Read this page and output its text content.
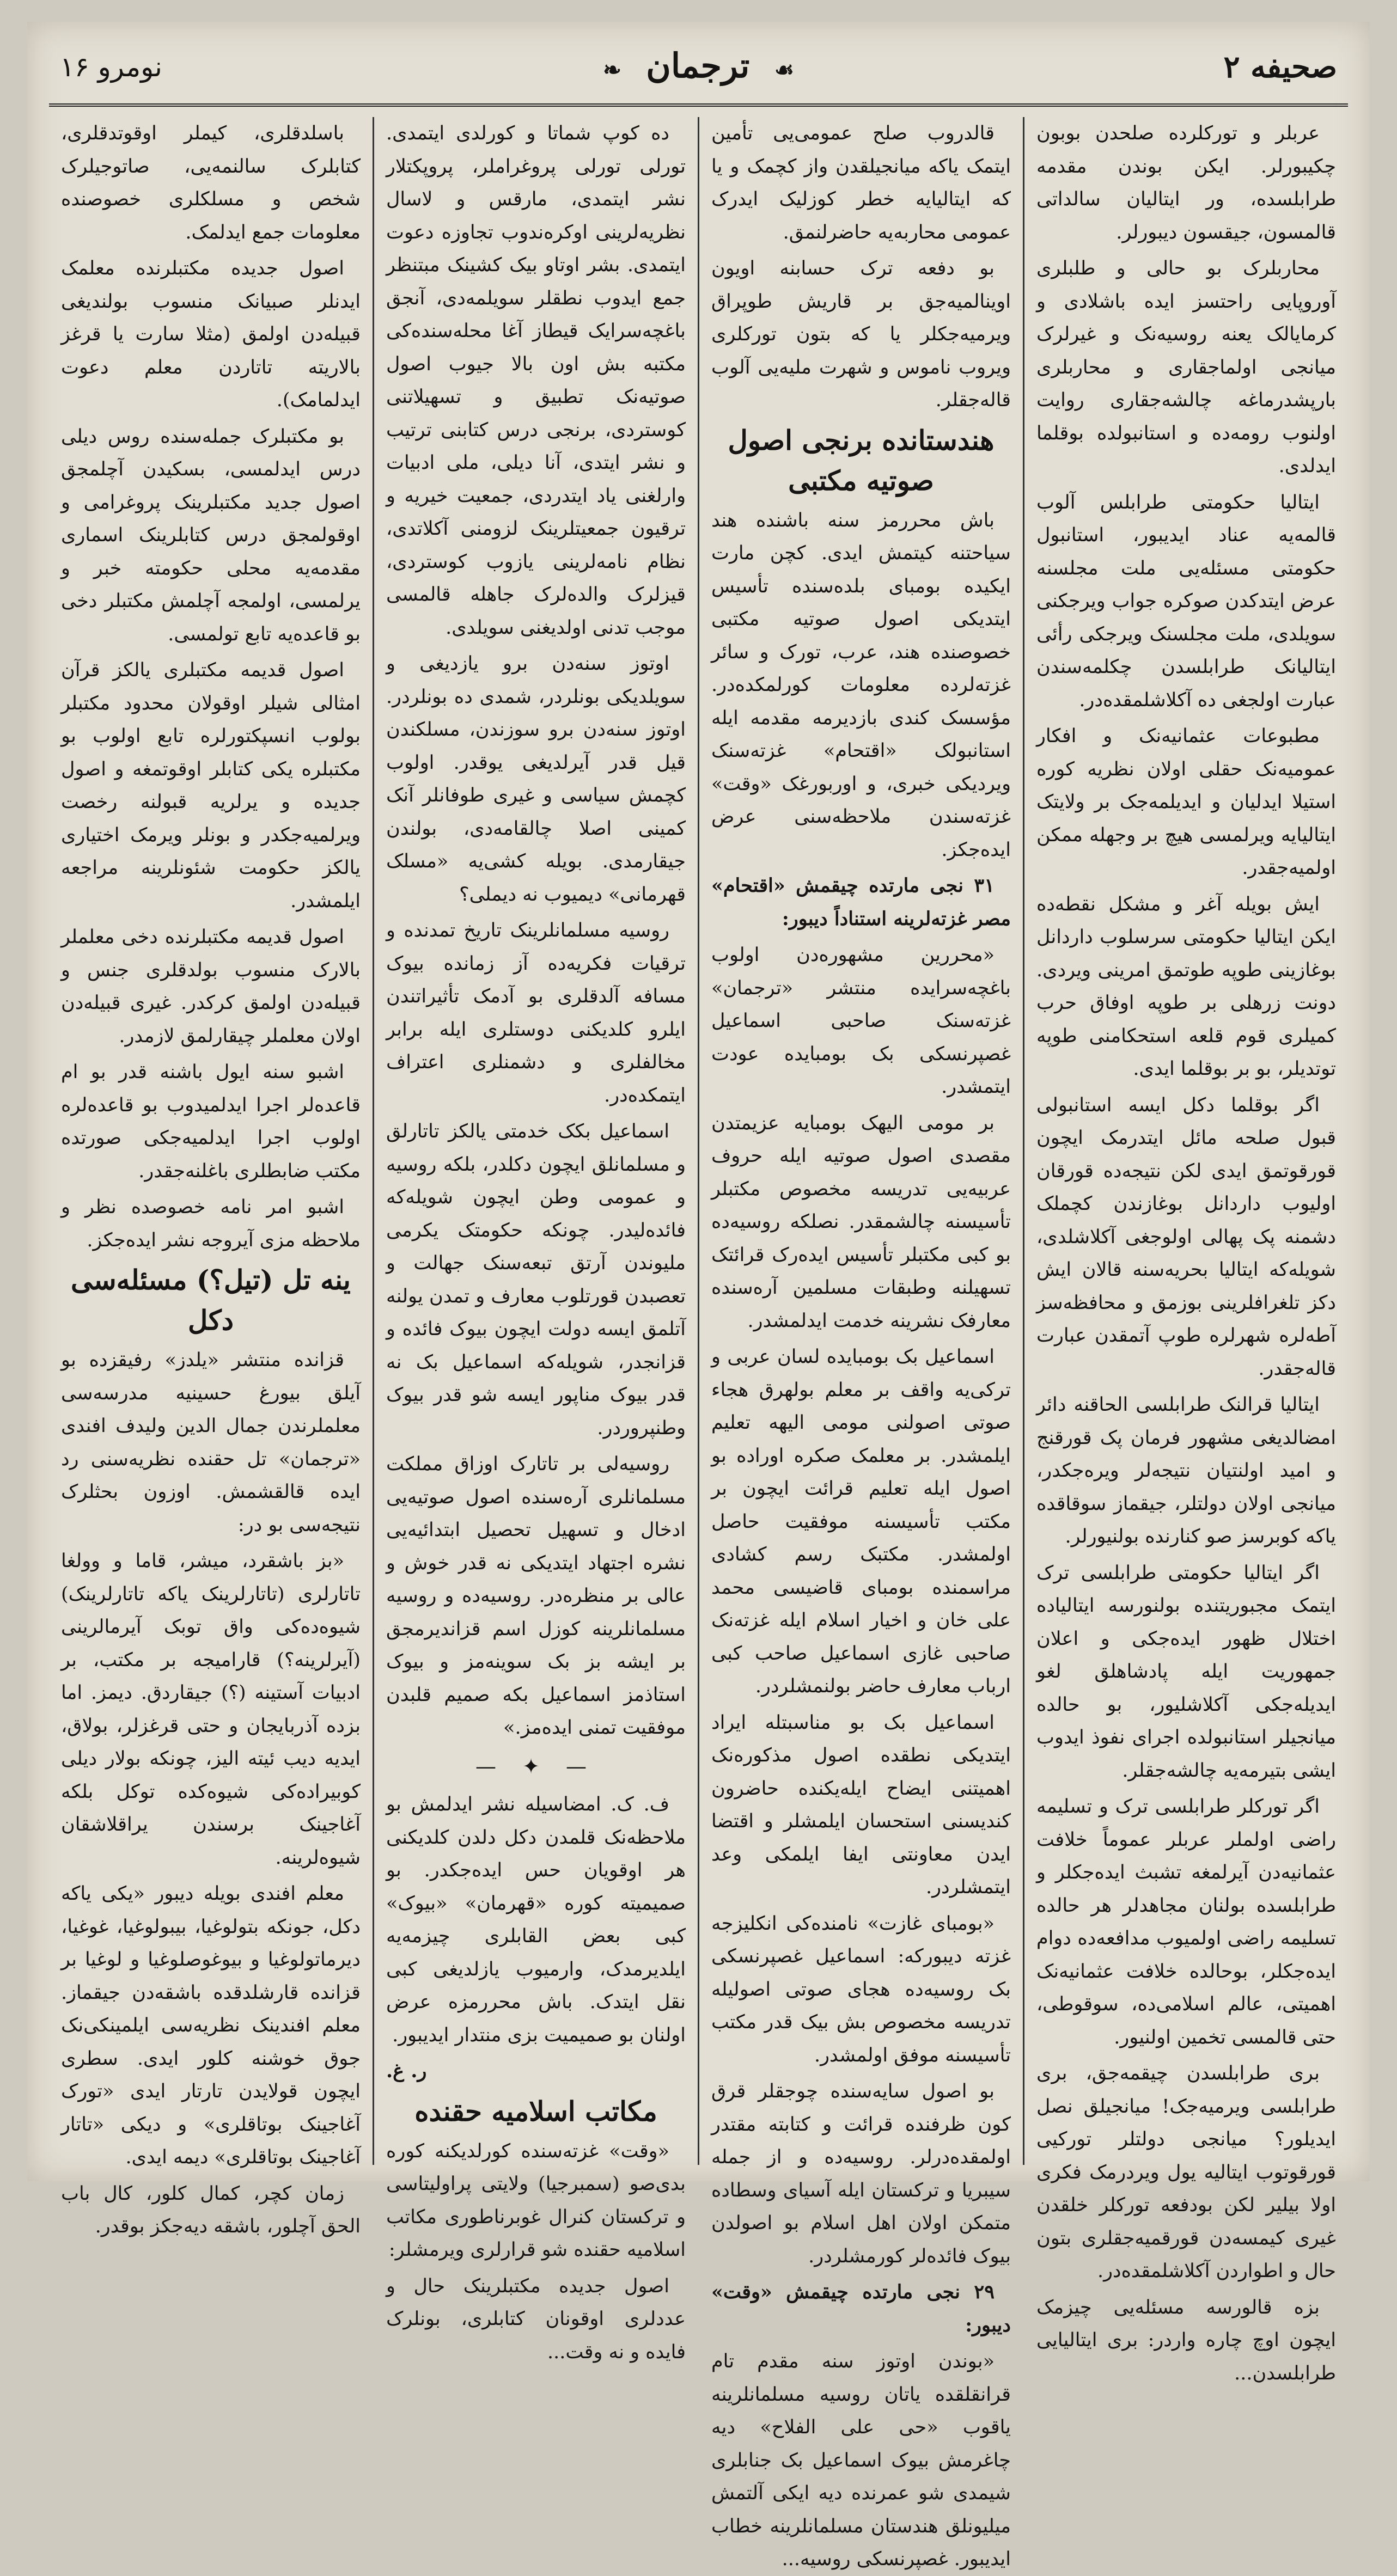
صحیفه ۲
☙ ترجمان ❧
نومرو ۱۶

عربلر و تورکلرده صلحدن بوبون چکیبورلر. ایکن بوندن مقدمه طرابلسده، ور ایتالیان سالداتی قالمسون، جیقسون دیبورلر.

محاربلرک بو حالی و طلبلری آوروپایی راحتسز ایده باشلادی و کرمایالک یعنه روسیه‌نک و غیرلرک میانجی اولماجقاری و محاربلری بارپشدرماغه چالشه‌جقاری روایت اولنوب رومه‌ده و استانبولده بوقلما ایدلدی.

ایتالیا حکومتی طرابلس آلوب قالمه‌یه عناد ایدیبور، استانبول حکومتی مسئله‌یی ملت مجلسنه عرض ایتدکدن صوکره جواب ویرجکنی سویلدی، ملت مجلسنک ویرجکی رأئی ایتالیانک طرابلسدن چکلمه‌سندن عبارت اولجغی ده آکلاشلمقده‌در.

مطبوعات عثمانیه‌نک و افکار عمومیه‌نک حقلی اولان نظریه کوره استیلا ایدلیان و ایدیلمه‌جک بر ولایتک ایتالیایه ویرلمسی هیچ بر وجهله ممکن اولمیه‌جقدر.

ایش بویله آغر و مشکل نقطه‌ده ایکن ایتالیا حکومتی سرسلوب داردانل بوغازینی طوپه طوتمق امرینی ویردی. دونت زرهلی بر طوپه اوفاق حرب کمیلری قوم قلعه استحکامنی طوپه توتدیلر، بو بر بوقلما ایدی.

اگر بوقلما دکل ایسه استانبولی قبول صلحه مائل ایتدرمک ایچون قورقوتمق ایدی لکن نتیجه‌ده قورقان اولیوب داردانل بوغازندن کچملک دشمنه پک پهالی اولوجغی آکلاشلدی، شویله‌که ایتالیا بحریه‌سنه قالان ایش دکز تلغرافلرینی بوزمق و محافظه‌سز آطه‌لره شهرلره طوپ آتمقدن عبارت قاله‌جقدر.

ایتالیا قرالنک طرابلسی الحاقنه دائر امضالدیغی مشهور فرمان پک قورقنج و امید اولنتیان نتیجه‌لر ویره‌جکدر، میانجی اولان دولتلر، جیقماز سوقاقده یاکه کوبرسز صو کنارنده بولنیورلر.

اگر ایتالیا حکومتی طرابلسی ترک ایتمک مجبوریتنده بولنورسه ایتالیاده اختلال ظهور ایده‌جکی و اعلان جمهوریت ایله پادشاهلق لغو ایدیله‌جکی آکلاشلیور، بو حالده میانجیلر استانبولده اجرای نفوذ ایدوب ایشی بتیرمه‌یه چالشه‌جقلر.

اگر تورکلر طرابلسی ترک و تسلیمه راضی اولملر عربلر عموماً خلافت عثمانیه‌دن آیرلمغه تشبث ایده‌جکلر و طرابلسده بولنان مجاهدلر هر حالده تسلیمه راضی اولمیوب مدافعه‌ده دوام ایده‌جکلر، بوحالده خلافت عثمانیه‌نک اهمیتی، عالم اسلامی‌ده، سوقوطی، حتی قالمسی تخمین اولنیور.

بری طرابلسدن چیقمه‌جق، بری طرابلسی ویرمیه‌جک! میانجیلق نصل ایدیلور؟ میانجی دولتلر تورکیی قورقوتوب ایتالیه یول ویردرمک فکری اولا بیلیر لکن بودفعه تورکلر خلقدن غیری کیمسه‌دن قورقمیه‌جقلری بتون حال و اطواردن آکلاشلمقده‌در.

بزه قالورسه مسئله‌یی چیزمک ایچون اوچ چاره واردر: بری ایتالیایی طرابلسدن...

قالدروب صلح عمومی‌یی تأمین ایتمک یاکه میانجیلقدن واز کچمک و یا که ایتالیایه خطر کوزلیک ایدرک عمومی محاربه‌یه حاضرلنمق.

بو دفعه ترک حسابنه اویون اوینالمیه‌جق بر قاریش طوپراق ویرمیه‌جکلر یا که بتون تورکلری ویروب ناموس و شهرت ملیه‌یی آلوب قاله‌جقلر.

هندستانده برنجی اصول صوتیه مکتبی

باش محررمز سنه باشنده هند سیاحتنه کیتمش ایدی. کچن مارت ایکیده بومبای بلده‌سنده تأسیس ایتدیکی اصول صوتیه مکتبی خصوصنده هند، عرب، تورک و سائر غزته‌لرده معلومات کورلمکده‌در. مؤسسک کندی بازدیرمه مقدمه ایله استانبولک «اقتحام» غزته‌سنک ویردیکی خبری، و اوربورغک «وقت» غزته‌سندن ملاحظه‌سنی عرض ایده‌جکز.

۳۱ نجی مارتده چیقمش «اقتحام» مصر غزته‌لرینه استناداً دیبور:

«محررین مشهوره‌دن اولوب باغچه‌سرایده منتشر «ترجمان» غزته‌سنک صاحبی اسماعیل غصپرنسکی بک بومبایده عودت ایتمشدر.

بر مومی الیهک بومبایه عزیمتدن مقصدی اصول صوتیه ایله حروف عربیه‌یی تدریسه مخصوص مکتبلر تأسیسنه چالشمقدر. نصلکه روسیه‌ده بو کبی مکتبلر تأسیس ایده‌رک قرائتک تسهیلنه وطبقات مسلمین آره‌سنده معارفک نشرینه خدمت ایدلمشدر.

اسماعیل بک بومبایده لسان عربی و ترکی‌یه واقف بر معلم بولهرق هجاء صوتی اصولنی مومی الیهه تعلیم ایلمشدر. بر معلمک صکره اوراده بو اصول ایله تعلیم قرائت ایچون بر مکتب تأسیسنه موفقیت حاصل اولمشدر. مکتبک رسم کشادی مراسمنده بومبای قاضیسی محمد علی خان و اخیار اسلام ایله غزته‌نک صاحبی غازی اسماعیل صاحب کبی ارباب معارف حاضر بولنمشلردر.

اسماعیل بک بو مناسبتله ایراد ایتدیکی نطقده اصول مذکوره‌نک اهمیتنی ایضاح ایله‌یکنده حاضرون کندیسنی استحسان ایلمشلر و اقتضا ایدن معاونتی ایفا ایلمکی وعد ایتمشلردر.

«بومبای غازت» نامنده‌کی انکلیزجه غزته دیبورکه: اسماعیل غصپرنسکی بک روسیه‌ده هجای صوتی اصولیله تدریسه مخصوص بش بیک قدر مکتب تأسیسنه موفق اولمشدر.

بو اصول سایه‌سنده چوجقلر قرق کون ظرفنده قرائت و کتابته مقتدر اولمقده‌درلر. روسیه‌ده و از جمله سیبریا و ترکستان ایله آسیای وسطاده متمکن اولان اهل اسلام بو اصولدن بیوک فائده‌لر کورمشلردر.

۲۹ نجی مارتده چیقمش «وقت» دیبور:

«بوندن اوتوز سنه مقدم تام قرانقلقده یاتان روسیه مسلمانلرینه یاقوب «حی علی الفلاح» دیه چاغرمش بیوک اسماعیل بک جنابلری شیمدی شو عمرنده دیه ایکی آلتمش میلیونلق هندستان مسلمانلرینه خطاب ایدیبور. غصپرنسکی روسیه...

ده کوپ شماتا و کورلدی ایتمدی. تورلی تورلی پروغراملر، پروپکتلار نشر ایتمدی، مارقس و لاسال نظریه‌لرینی اوکره‌ندوب تجاوزه دعوت ایتمدی. بشر اوتاو بیک کشینک مبتنظر جمع ایدوب نطقلر سویلمه‌دی، آنجق باغچه‌سرایک قیطاز آغا محله‌سنده‌کی مکتبه بش اون بالا جیوب اصول صوتیه‌نک تطبیق و تسهیلاتنی کوستردی، برنجی درس کتابنی ترتیب و نشر ایتدی، آنا دیلی، ملی ادبیات وارلغنی یاد ایتدردی، جمعیت خیریه و ترقیون جمعیتلرینک لزومنی آکلاتدی، نظام نامه‌لرینی یازوب کوستردی، قیزلرک والده‌لرک جاهله قالمسی موجب تدنی اولدیغنی سویلدی.

اوتوز سنه‌دن برو یازدیغی و سویلدیکی بونلردر، شمدی ده بونلردر. اوتوز سنه‌دن برو سوزندن، مسلکندن قیل قدر آیرلدیغی یوقدر. اولوب کچمش سیاسی و غیری طوفانلر آنک کمینی اصلا چالقامه‌دی، بولندن جیقارمدی. بویله کشی‌یه «مسلک قهرمانی» دیمیوب نه دیملی؟

روسیه مسلمانلرینک تاریخ تمدنده و ترقیات فکریه‌ده آز زمانده بیوک مسافه آلدقلری بو آدمک تأثیراتندن ایلرو کلدیکنی دوستلری ایله برابر مخالفلری و دشمنلری اعتراف ایتمکده‌در.

اسماعیل بکک خدمتی یالکز تاتارلق و مسلمانلق ایچون دکلدر، بلکه روسیه و عمومی وطن ایچون شویله‌که فائده‌لیدر. چونکه حکومتک یکرمی ملیوندن آرتق تبعه‌سنک جهالت و تعصبدن قورتلوب معارف و تمدن یولنه آتلمق ایسه دولت ایچون بیوک فائده و قزانجدر، شویله‌که اسماعیل بک نه قدر بیوک مناپور ایسه شو قدر بیوک وطنپروردر.

روسیه‌لی بر تاتارک اوزاق مملکت مسلمانلری آره‌سنده اصول صوتیه‌یی ادخال و تسهیل تحصیل ابتدائیه‌یی نشره اجتهاد ایتدیکی نه قدر خوش و عالی بر منظره‌در. روسیه‌ده و روسیه مسلمانلرینه کوزل اسم قزاندیرمجق بر ایشه بز بک سوینه‌مز و بیوک استاذمز اسماعیل بکه صمیم قلبدن موفقیت تمنی ایده‌مز.»

— ✦ —

ف. ک. امضاسیله نشر ایدلمش بو ملاحظه‌نک قلمدن دکل دلدن کلدیکنی هر اوقویان حس ایده‌جکدر. بو صمیمیته کوره «قهرمان» «بیوک» کبی بعض القابلری چیزمه‌یه ایلدیرمدک، وارمیوب یازلدیغی کبی نقل ایتدک. باش محررمزه عرض اولنان بو صمیمیت بزی منتدار ایدیبور.

ر. غ.

مکاتب اسلامیه حقنده

«وقت» غزته‌سنده کورلدیکنه کوره بدی‌صو (سمبرجیا) ولایتی پراولیتاسی و ترکستان کنرال غوبرناطوری مکاتب اسلامیه حقنده شو قرارلری ویرمشلر:

اصول جدیده مکتبلرینک حال و عددلری اوقونان کتابلری، بونلرک فایده و نه وقت...

باسلدقلری، کیملر اوقوتدقلری، کتابلرک سالنمه‌یی، صاتوجیلرک شخص و مسلکلری خصوصنده معلومات جمع ایدلمک.

اصول جدیده مکتبلرنده معلمک ایدنلر صبیانک منسوب بولندیغی قبیله‌دن اولمق (مثلا سارت یا قرغز بالاریته تاتاردن معلم دعوت ایدلمامک).

بو مکتبلرک جمله‌سنده روس دیلی درس ایدلمسی، بسکیدن آچلمجق اصول جدید مکتبلرینک پروغرامی و اوقولمجق درس کتابلرینک اسماری مقدمه‌یه محلی حکومته خبر و یرلمسی، اولمجه آچلمش مکتبلر دخی بو قاعده‌یه تابع تولمسی.

اصول قدیمه مکتبلری یالکز قرآن امثالی شیلر اوقولان محدود مکتبلر بولوب انسپکتورلره تابع اولوب بو مکتبلره یکی کتابلر اوقوتمغه و اصول جدیده و یرلریه قبولنه رخصت ویرلمیه‌جکدر و بونلر ویرمک اختیاری یالکز حکومت شئونلرینه مراجعه ایلمشدر.

اصول قدیمه مکتبلرنده دخی معلملر بالارک منسوب بولدقلری جنس و قبیله‌دن اولمق کرکدر. غیری قبیله‌دن اولان معلملر چیقارلمق لازمدر.

اشبو سنه ایول باشنه قدر بو ام قاعده‌لر اجرا ایدلمیدوب بو قاعده‌لره اولوب اجرا ایدلمیه‌جکی صورتده مکتب ضابطلری باغلنه‌جقدر.

اشبو امر نامه خصوصده نظر و ملاحظه مزی آیروجه نشر ایده‌جکز.

ینه تل (تیل؟) مسئله‌سی دکل

قزانده منتشر «یلدز» رفیقزده بو آیلق بیورغ حسینیه مدرسه‌سی معلملرندن جمال الدین ولیدف افندی «ترجمان» تل حقنده نظریه‌سنی رد ایده قالقشمش. اوزون بحثلرک نتیجه‌سی بو در:

«بز باشقرد، میشر، قاما و وولغا تاتارلری (تاتارلرینک یاکه تاتارلرینک) شیوه‌ده‌کی واق توبک آیرمالرینی (آیرلرینه؟) قارامیجه بر مکتب، بر ادبیات آستینه (؟) جیقاردق. دیمز. اما بزده آذربایجان و حتی قرغزلر، بولاق، ایدیه دیب ئیته الیز، چونکه بولار دیلی کوبیراده‌کی شیوه‌کده توکل بلکه آغاجینک برسندن یراقلاشقان شیوه‌لرینه.

معلم افندی بویله دیبور «یکی یاکه دکل، جونکه بتولوغیا، بیبولوغیا، غوغیا، دیرماتولوغیا و بیوغوصلوغیا و لوغیا بر قزانده قارشلدقده باشقه‌دن جیقماز. معلم افندینک نظریه‌سی ایلمینکی‌نک جوق خوشنه کلور ایدی. سطری ایچون قولایدن تارتار ایدی «تورک آغاجینک بوتاقلری» و دیکی «تاتار آغاجینک بوتاقلری» دیمه ایدی.

زمان کچر، کمال کلور، کال باب الحق آچلور، باشقه دیه‌جکز بوقدر.
